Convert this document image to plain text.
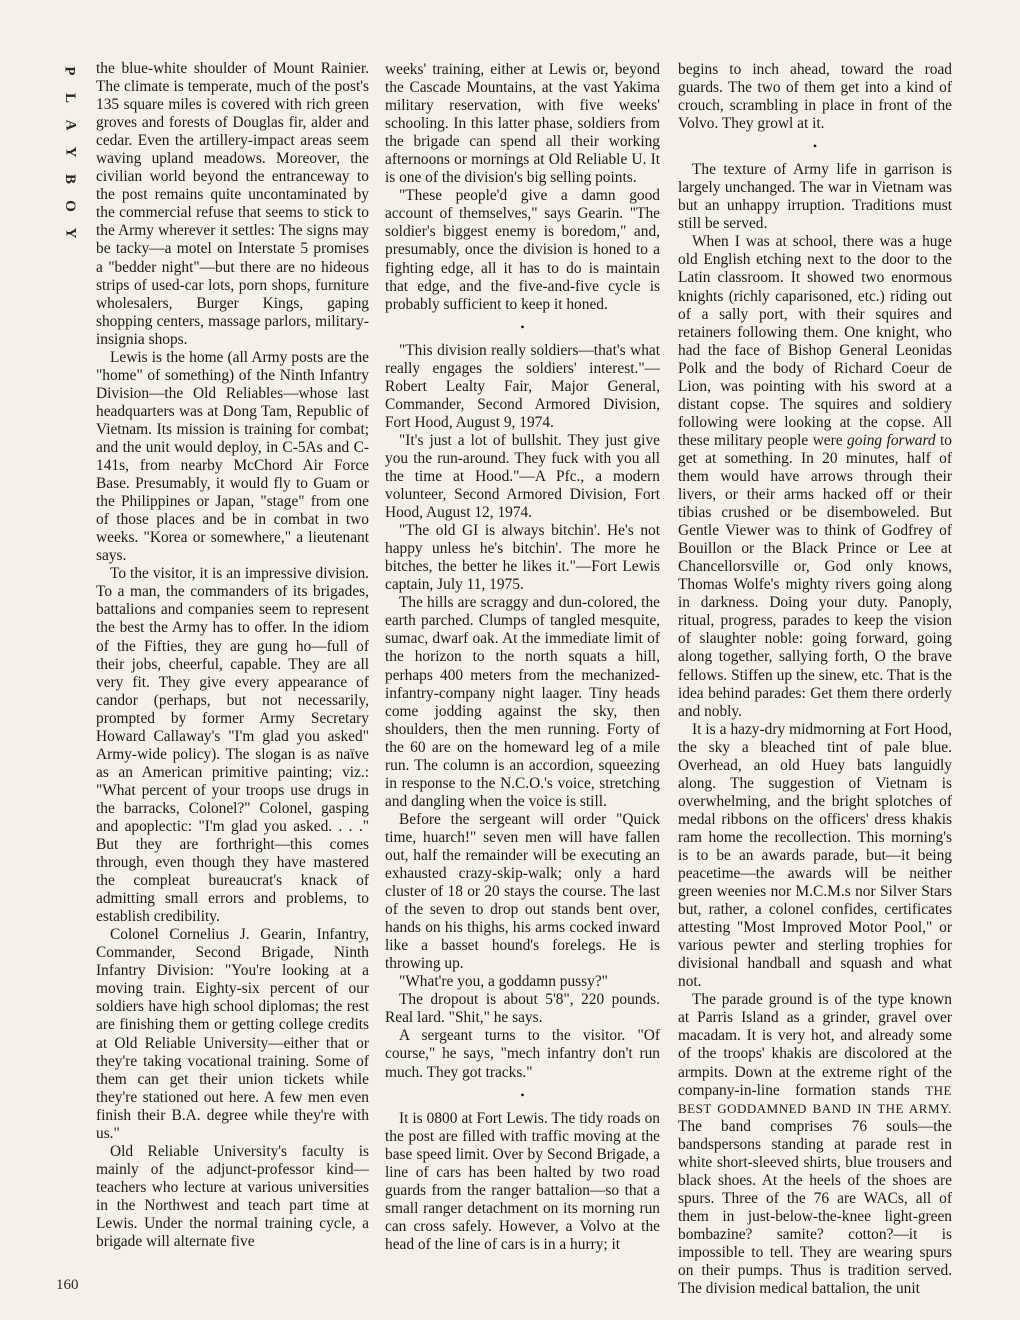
P
L
A
Y
B
O
Y
160

the blue-white shoulder of Mount Rainier. The climate is temperate, much of the post's 135 square miles is covered with rich green groves and forests of Douglas fir, alder and cedar. Even the artillery-impact areas seem waving upland meadows. Moreover, the civilian world beyond the entranceway to the post remains quite uncontaminated by the commercial refuse that seems to stick to the Army wherever it settles: The signs may be tacky—a motel on Interstate 5 promises a "bedder night"—but there are no hideous strips of used-car lots, porn shops, furniture wholesalers, Burger Kings, gaping shopping centers, massage parlors, military-insignia shops.

Lewis is the home (all Army posts are the "home" of something) of the Ninth Infantry Division—the Old Reliables—whose last headquarters was at Dong Tam, Republic of Vietnam. Its mission is training for combat; and the unit would deploy, in C-5As and C-141s, from nearby McChord Air Force Base. Presumably, it would fly to Guam or the Philippines or Japan, "stage" from one of those places and be in combat in two weeks. "Korea or somewhere," a lieutenant says.

To the visitor, it is an impressive division. To a man, the commanders of its brigades, battalions and companies seem to represent the best the Army has to offer. In the idiom of the Fifties, they are gung ho—full of their jobs, cheerful, capable. They are all very fit. They give every appearance of candor (perhaps, but not necessarily, prompted by former Army Secretary Howard Callaway's "I'm glad you asked" Army-wide policy). The slogan is as naïve as an American primitive painting; viz.: "What percent of your troops use drugs in the barracks, Colonel?" Colonel, gasping and apoplectic: "I'm glad you asked. . . ." But they are forthright—this comes through, even though they have mastered the compleat bureaucrat's knack of admitting small errors and problems, to establish credibility.

Colonel Cornelius J. Gearin, Infantry, Commander, Second Brigade, Ninth Infantry Division: "You're looking at a moving train. Eighty-six percent of our soldiers have high school diplomas; the rest are finishing them or getting college credits at Old Reliable University—either that or they're taking vocational training. Some of them can get their union tickets while they're stationed out here. A few men even finish their B.A. degree while they're with us."

Old Reliable University's faculty is mainly of the adjunct-professor kind—teachers who lecture at various universities in the Northwest and teach part time at Lewis. Under the normal training cycle, a brigade will alternate five

weeks' training, either at Lewis or, beyond the Cascade Mountains, at the vast Yakima military reservation, with five weeks' schooling. In this latter phase, soldiers from the brigade can spend all their working afternoons or mornings at Old Reliable U. It is one of the division's big selling points.

"These people'd give a damn good account of themselves," says Gearin. "The soldier's biggest enemy is boredom," and, presumably, once the division is honed to a fighting edge, all it has to do is maintain that edge, and the five-and-five cycle is probably sufficient to keep it honed.

•

"This division really soldiers—that's what really engages the soldiers' interest."—Robert Lealty Fair, Major General, Commander, Second Armored Division, Fort Hood, August 9, 1974.

"It's just a lot of bullshit. They just give you the run-around. They fuck with you all the time at Hood."—A Pfc., a modern volunteer, Second Armored Division, Fort Hood, August 12, 1974.

"The old GI is always bitchin'. He's not happy unless he's bitchin'. The more he bitches, the better he likes it."—Fort Lewis captain, July 11, 1975.

The hills are scraggy and dun-colored, the earth parched. Clumps of tangled mesquite, sumac, dwarf oak. At the immediate limit of the horizon to the north squats a hill, perhaps 400 meters from the mechanized-infantry-company night laager. Tiny heads come jodding against the sky, then shoulders, then the men running. Forty of the 60 are on the homeward leg of a mile run. The column is an accordion, squeezing in response to the N.C.O.'s voice, stretching and dangling when the voice is still.

Before the sergeant will order "Quick time, huarch!" seven men will have fallen out, half the remainder will be executing an exhausted crazy-skip-walk; only a hard cluster of 18 or 20 stays the course. The last of the seven to drop out stands bent over, hands on his thighs, his arms cocked inward like a basset hound's forelegs. He is throwing up.

"What're you, a goddamn pussy?"

The dropout is about 5'8", 220 pounds. Real lard. "Shit," he says.

A sergeant turns to the visitor. "Of course," he says, "mech infantry don't run much. They got tracks."

•

It is 0800 at Fort Lewis. The tidy roads on the post are filled with traffic moving at the base speed limit. Over by Second Brigade, a line of cars has been halted by two road guards from the ranger battalion—so that a small ranger detachment on its morning run can cross safely. However, a Volvo at the head of the line of cars is in a hurry; it

begins to inch ahead, toward the road guards. The two of them get into a kind of crouch, scrambling in place in front of the Volvo. They growl at it.

•

The texture of Army life in garrison is largely unchanged. The war in Vietnam was but an unhappy irruption. Traditions must still be served.

When I was at school, there was a huge old English etching next to the door to the Latin classroom. It showed two enormous knights (richly caparisoned, etc.) riding out of a sally port, with their squires and retainers following them. One knight, who had the face of Bishop General Leonidas Polk and the body of Richard Coeur de Lion, was pointing with his sword at a distant copse. The squires and soldiery following were looking at the copse. All these military people were going forward to get at something. In 20 minutes, half of them would have arrows through their livers, or their arms hacked off or their tibias crushed or be disemboweled. But Gentle Viewer was to think of Godfrey of Bouillon or the Black Prince or Lee at Chancellorsville or, God only knows, Thomas Wolfe's mighty rivers going along in darkness. Doing your duty. Panoply, ritual, progress, parades to keep the vision of slaughter noble: going forward, going along together, sallying forth, O the brave fellows. Stiffen up the sinew, etc. That is the idea behind parades: Get them there orderly and nobly.

It is a hazy-dry midmorning at Fort Hood, the sky a bleached tint of pale blue. Overhead, an old Huey bats languidly along. The suggestion of Vietnam is overwhelming, and the bright splotches of medal ribbons on the officers' dress khakis ram home the recollection. This morning's is to be an awards parade, but—it being peacetime—the awards will be neither green weenies nor M.C.M.s nor Silver Stars but, rather, a colonel confides, certificates attesting "Most Improved Motor Pool," or various pewter and sterling trophies for divisional handball and squash and what not.

The parade ground is of the type known at Parris Island as a grinder, gravel over macadam. It is very hot, and already some of the troops' khakis are discolored at the armpits. Down at the extreme right of the company-in-line formation stands THE BEST GODDAMNED BAND IN THE ARMY. The band comprises 76 souls—the bandspersons standing at parade rest in white short-sleeved shirts, blue trousers and black shoes. At the heels of the shoes are spurs. Three of the 76 are WACs, all of them in just-below-the-knee light-green bombazine? samite? cotton?—it is impossible to tell. They are wearing spurs on their pumps. Thus is tradition served. The division medical battalion, the unit
